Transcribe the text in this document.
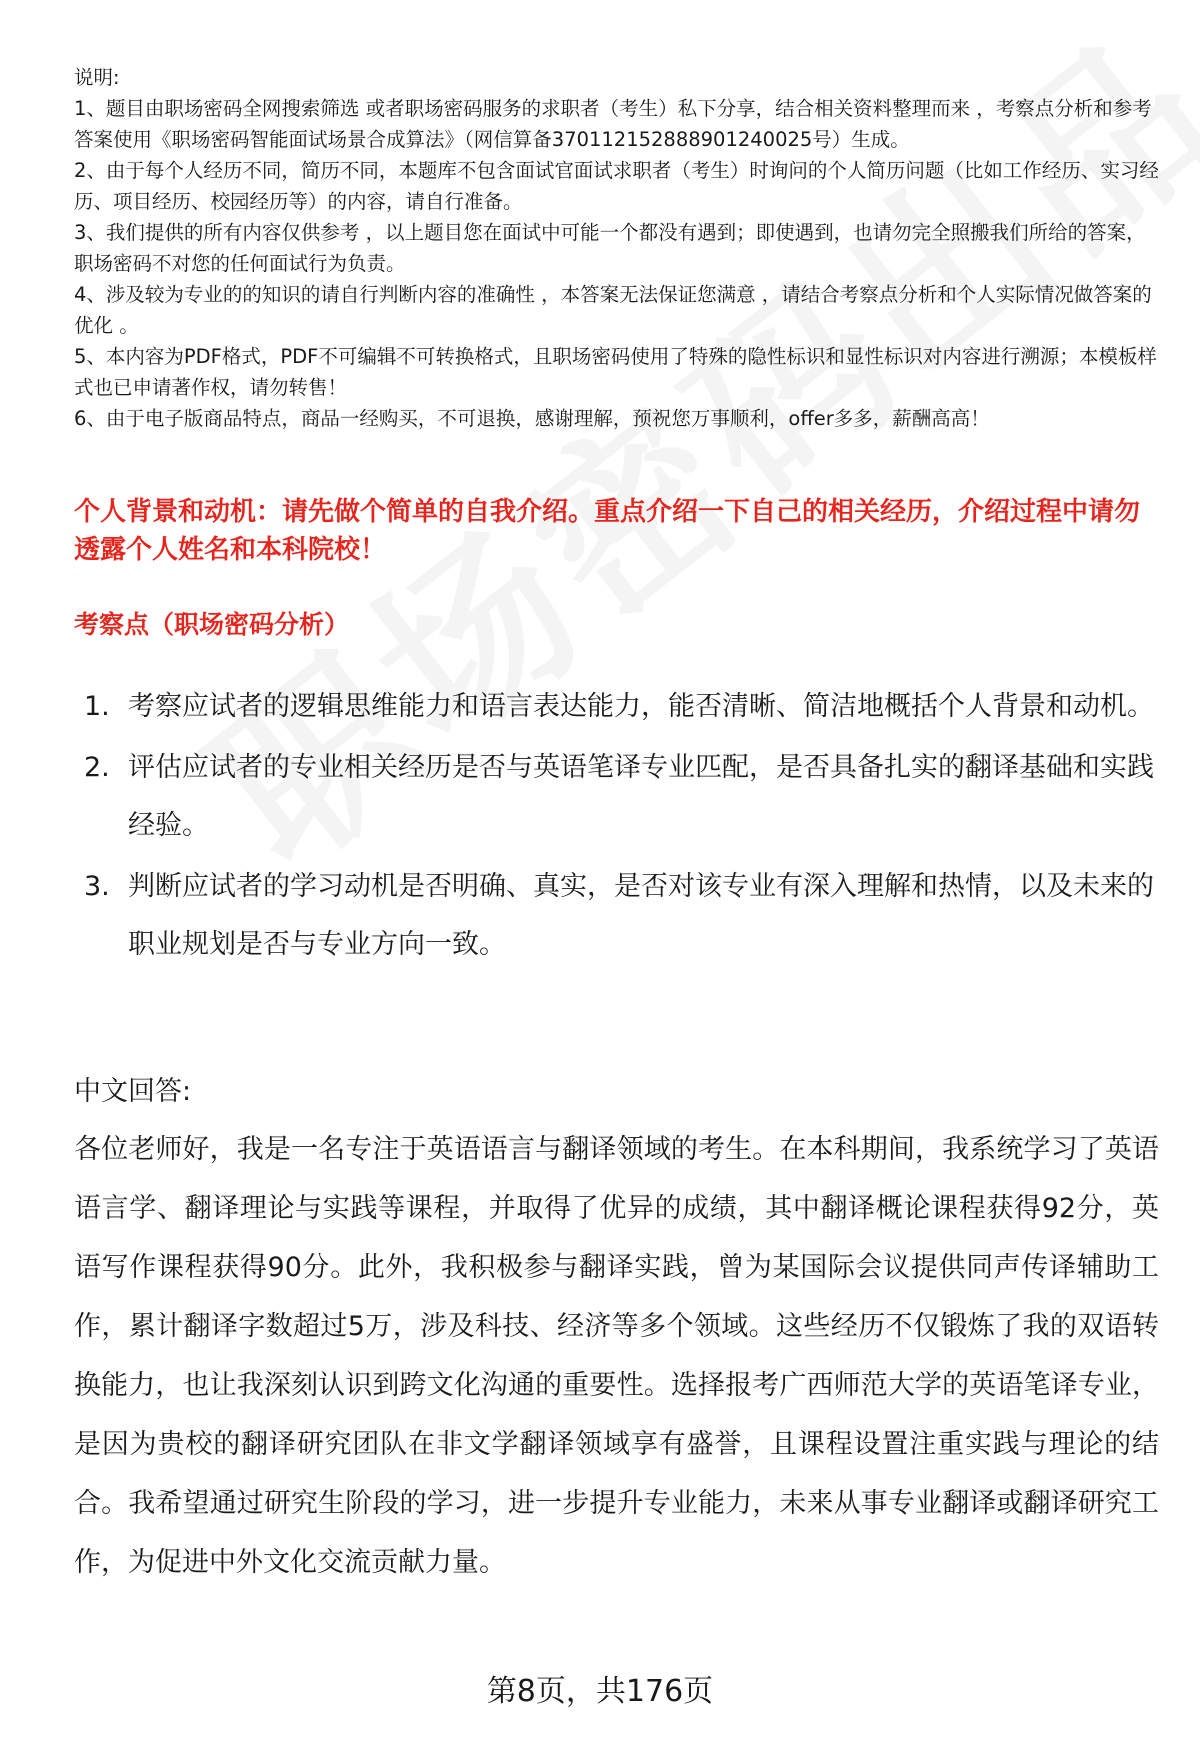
说明:

1、题目由职场密码全网搜索筛选 或者职场密码服务的求职者（考生）私下分享，结合相关资料整理而来 ，考察点分析和参考答案使用《职场密码智能面试场景合成算法》（网信算备370112152888901240025号）生成。

2、由于每个人经历不同，简历不同，本题库不包含面试官面试求职者（考生）时询问的个人简历问题（比如工作经历、实习经历、项目经历、校园经历等）的内容，请自行准备。

3、我们提供的所有内容仅供参考 ，以上题目您在面试中可能一个都没有遇到；即使遇到，也请勿完全照搬我们所给的答案，职场密码不对您的任何面试行为负责。

4、涉及较为专业的的知识的请自行判断内容的准确性 ，本答案无法保证您满意 ，请结合考察点分析和个人实际情况做答案的优化 。

5、本内容为PDF格式，PDF不可编辑不可转换格式，且职场密码使用了特殊的隐性标识和显性标识对内容进行溯源；本模板样式也已申请著作权，请勿转售！

6、由于电子版商品特点，商品一经购买，不可退换，感谢理解，预祝您万事顺利，offer多多，薪酬高高！

个人背景和动机：请先做个简单的自我介绍。重点介绍一下自己的相关经历，介绍过程中请勿透露个人姓名和本科院校！

考察点（职场密码分析）

1. 考察应试者的逻辑思维能力和语言表达能力，能否清晰、简洁地概括个人背景和动机。
2. 评估应试者的专业相关经历是否与英语笔译专业匹配，是否具备扎实的翻译基础和实践经验。
3. 判断应试者的学习动机是否明确、真实，是否对该专业有深入理解和热情，以及未来的职业规划是否与专业方向一致。

中文回答:

各位老师好，我是一名专注于英语语言与翻译领域的考生。在本科期间，我系统学习了英语语言学、翻译理论与实践等课程，并取得了优异的成绩，其中翻译概论课程获得92分，英语写作课程获得90分。此外，我积极参与翻译实践，曾为某国际会议提供同声传译辅助工作，累计翻译字数超过5万，涉及科技、经济等多个领域。这些经历不仅锻炼了我的双语转换能力，也让我深刻认识到跨文化沟通的重要性。选择报考广西师范大学的英语笔译专业，是因为贵校的翻译研究团队在非文学翻译领域享有盛誉，且课程设置注重实践与理论的结合。我希望通过研究生阶段的学习，进一步提升专业能力，未来从事专业翻译或翻译研究工作，为促进中外文化交流贡献力量。

第8页，共176页
